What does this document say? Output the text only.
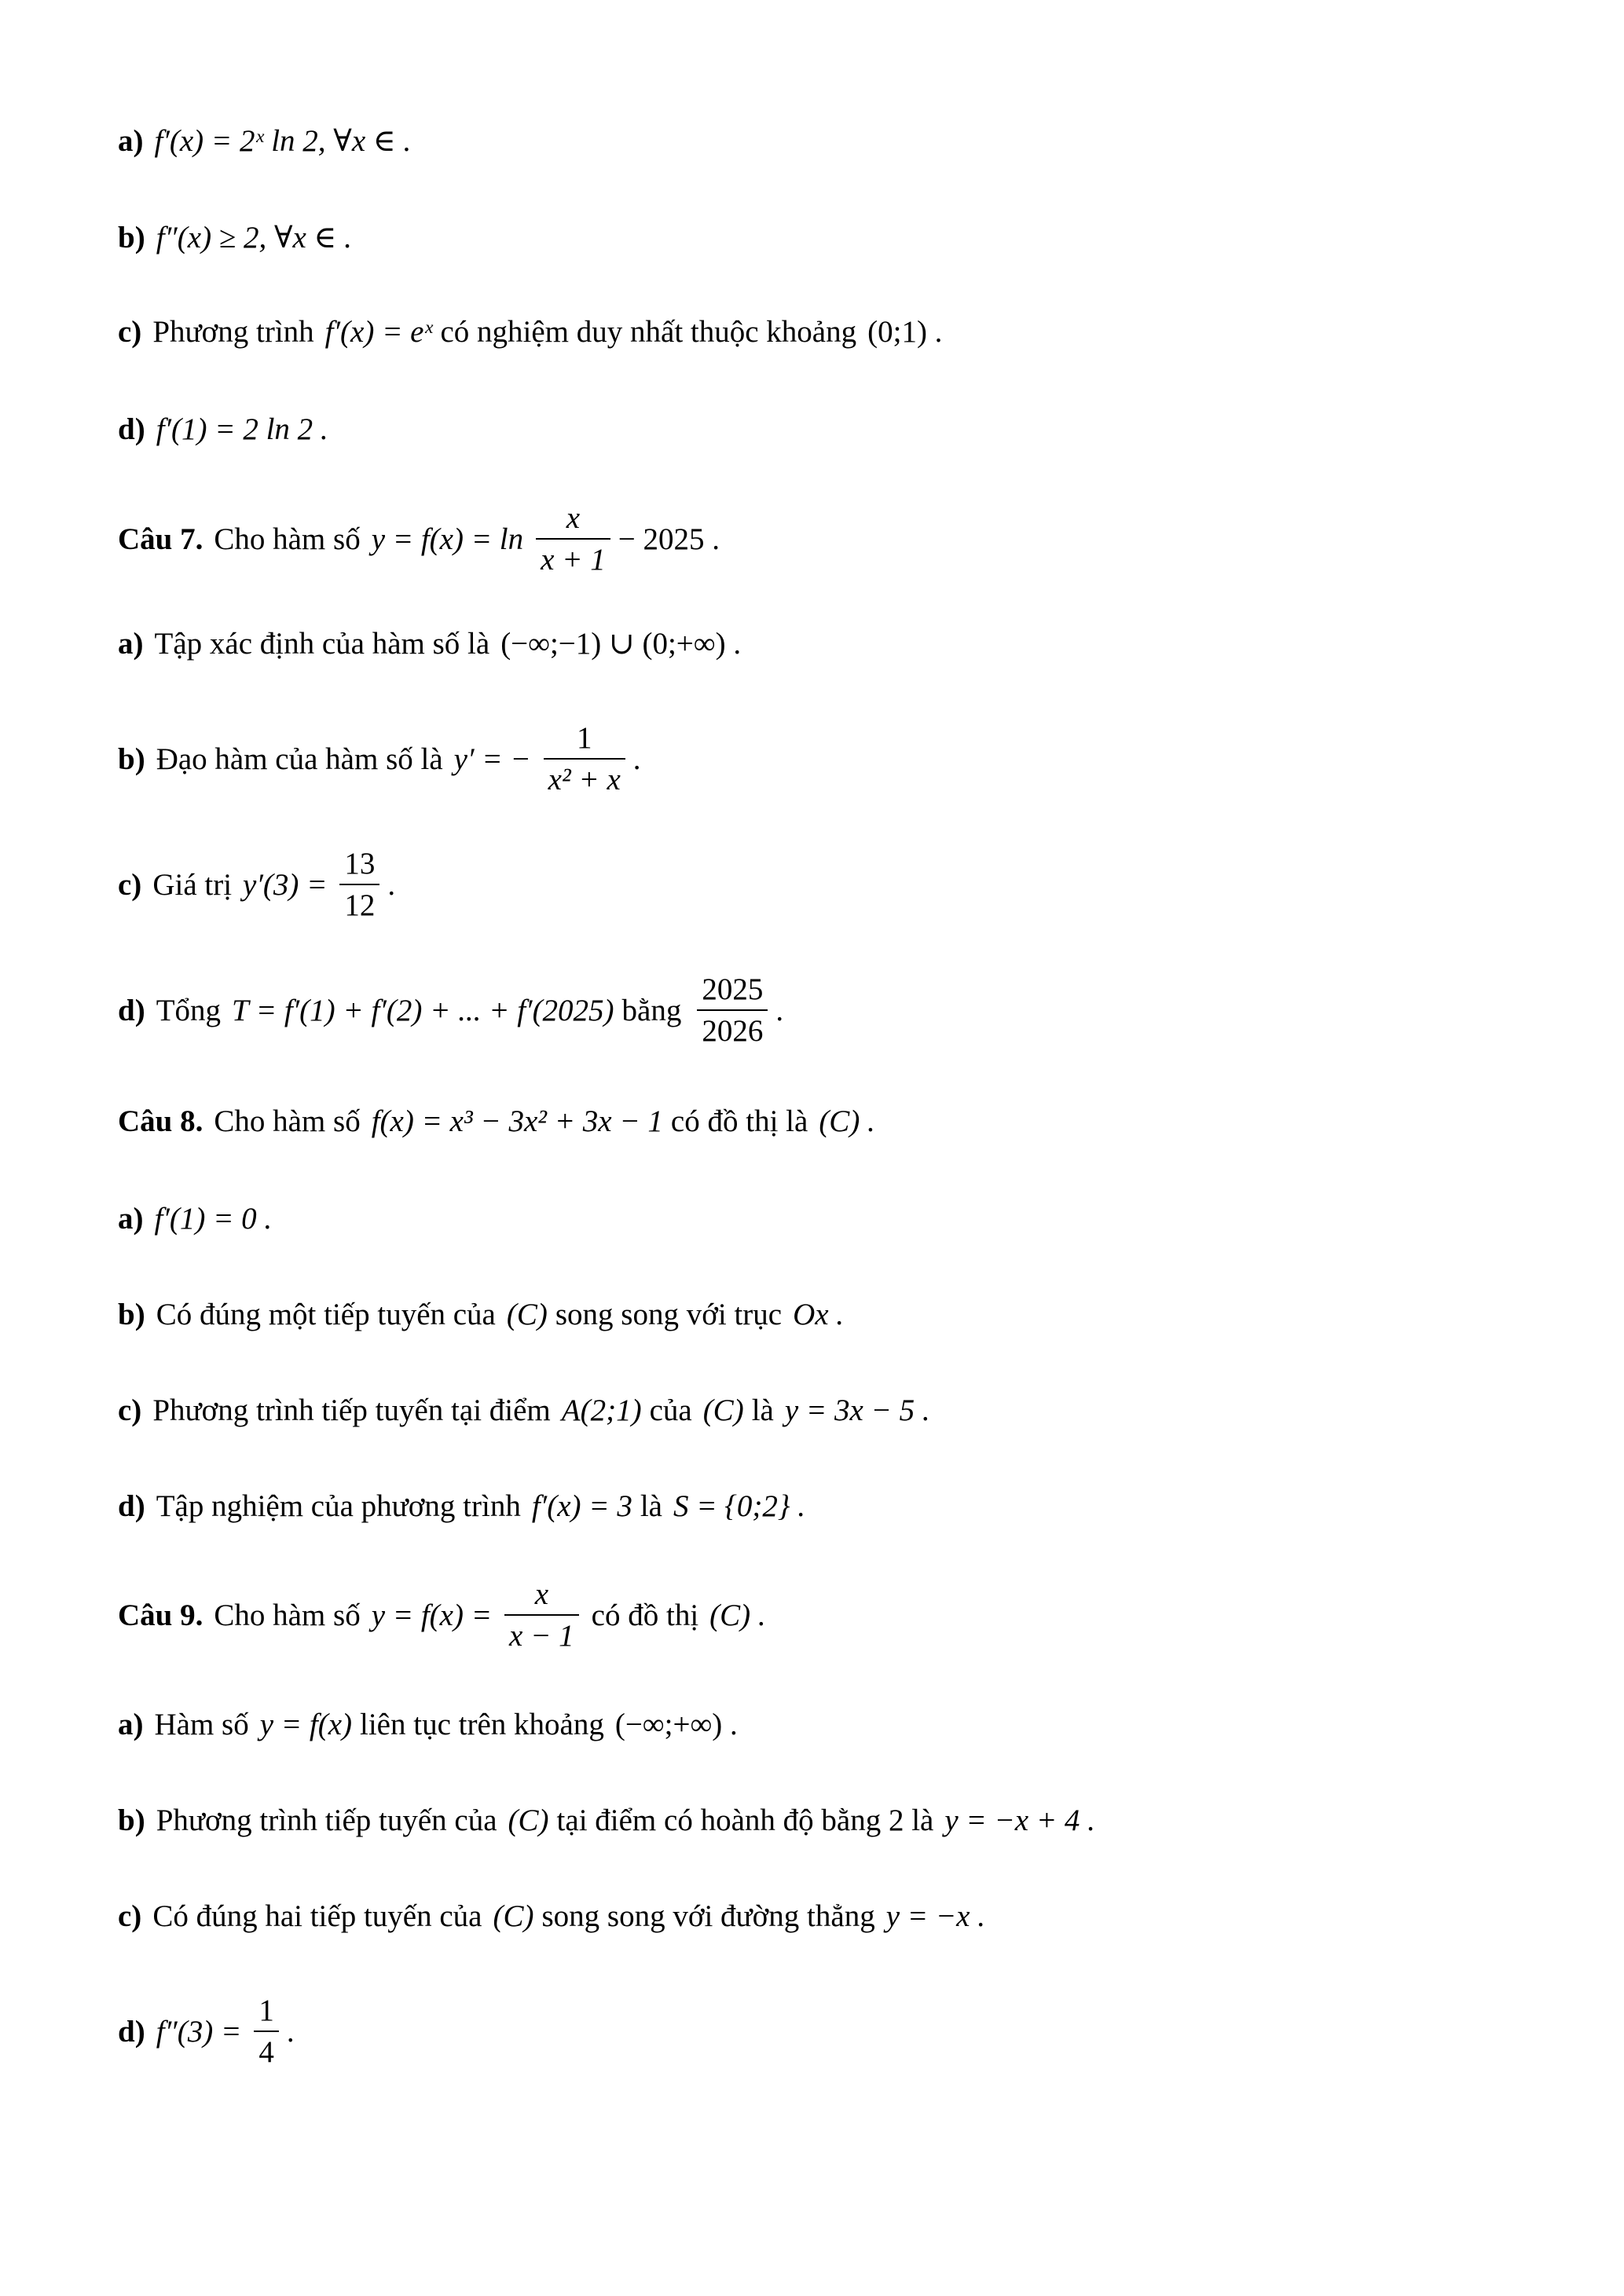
a) f′(x) = 2ˣ ln 2, ∀x ∈ .
b) f″(x) ≥ 2, ∀x ∈ .
c) Phương trình f′(x) = eˣ có nghiệm duy nhất thuộc khoảng (0;1) .
d) f′(1) = 2 ln 2 .
Câu 7. Cho hàm số $y = f(x) = \ln \frac{x}{x + 1} - 2025$ .
a) Tập xác định của hàm số là (−∞;−1) ∪ (0;+∞) .
b) Đạo hàm của hàm số là y′ = − $\frac{1}{\text{x² + x}}$ .
c) Giá trị $y'(3) = \frac{13}{12}$ .
d) Tổng T = f′(1) + f′(2) + ... + f′(2025) bằng $\frac{2025}{2026}$ .
Câu 8. Cho hàm số f(x) = x³ − 3x² + 3x − 1 có đồ thị là (C) .
a) f′(1) = 0 .
b) Có đúng một tiếp tuyến của (C) song song với trục Ox .
c) Phương trình tiếp tuyến tại điểm A(2;1) của (C) là y = 3x − 5 .
d) Tập nghiệm của phương trình f′(x) = 3 là S = {0;2} .
Câu 9. Cho hàm số $y = f(x) = \frac{x}{x - 1}$ có đồ thị (C) .
a) Hàm số y = f(x) liên tục trên khoảng (−∞;+∞) .
b) Phương trình tiếp tuyến của (C) tại điểm có hoành độ bằng 2 là y = −x + 4 .
c) Có đúng hai tiếp tuyến của (C) song song với đường thẳng y = −x .
d) $f''(3) = \frac{1}{4}$ .
